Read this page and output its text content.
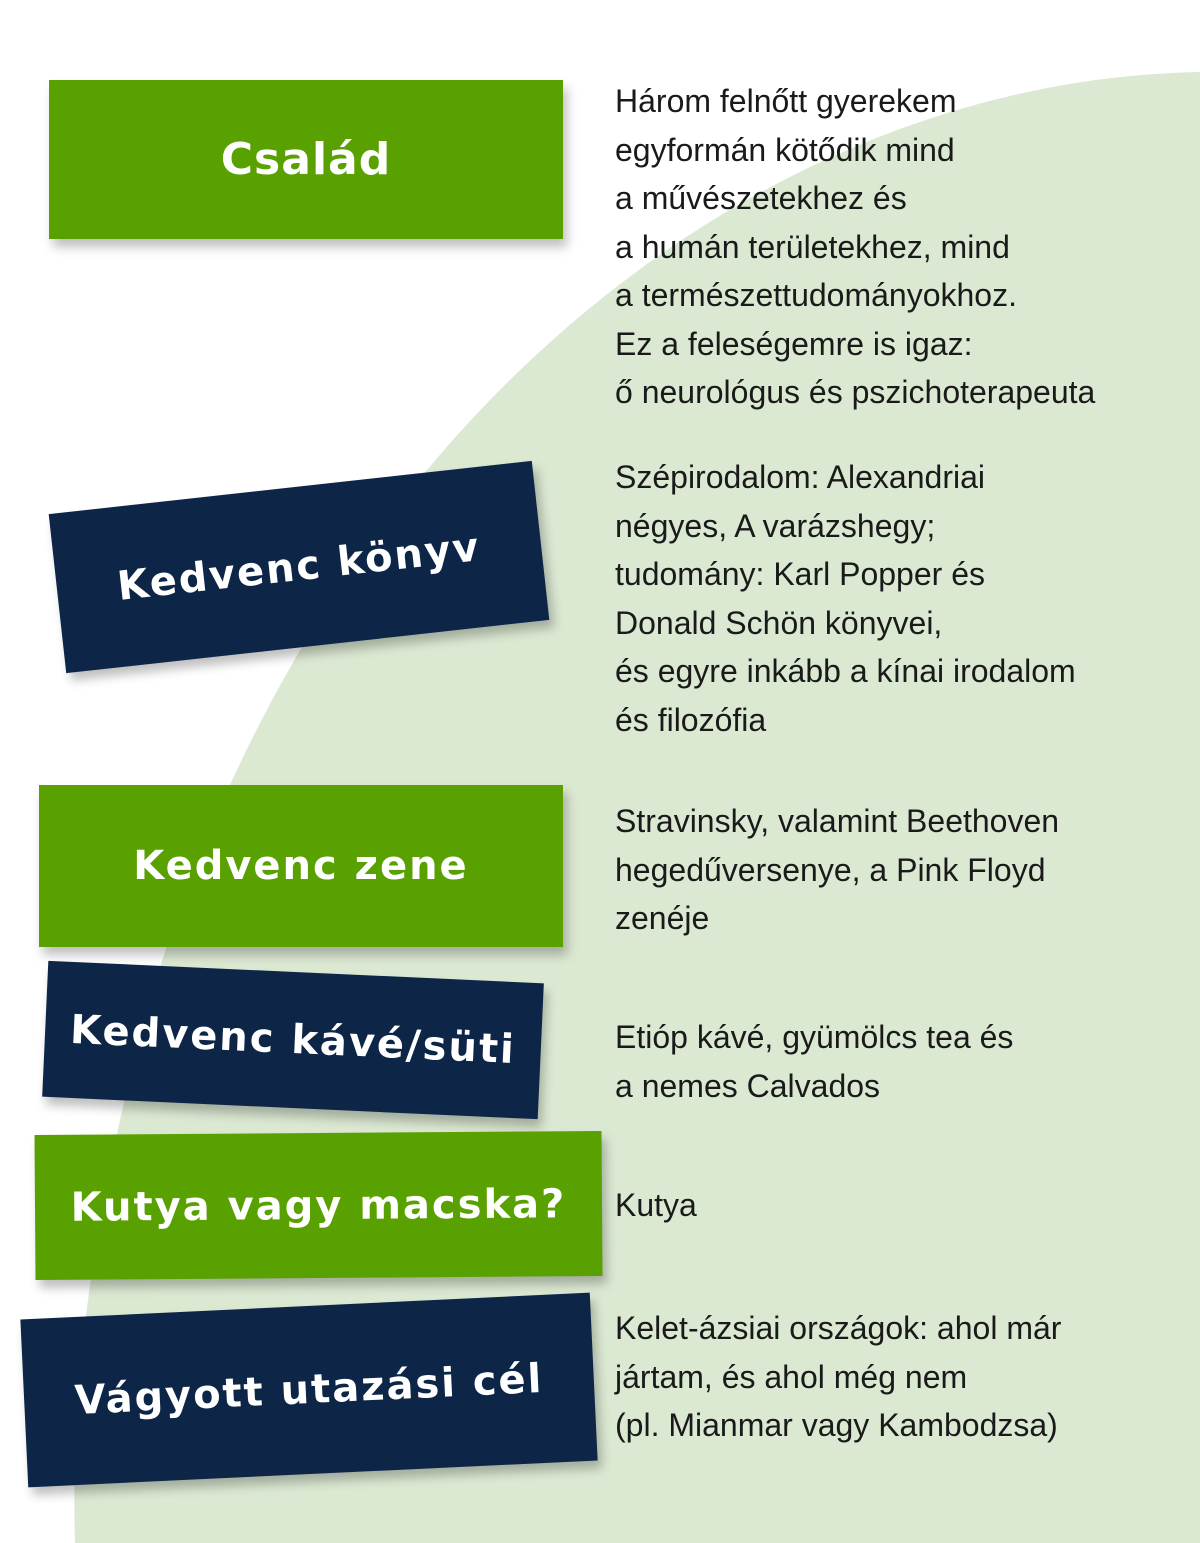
Család
Három felnőtt gyerekem
egyformán kötődik mind
a művészetekhez és
a humán területekhez, mind
a természettudományokhoz.
Ez a feleségemre is igaz:
ő neurológus és pszichoterapeuta
Kedvenc könyv
Szépirodalom: Alexandriai
négyes, A varázshegy;
tudomány: Karl Popper és
Donald Schön könyvei,
és egyre inkább a kínai irodalom
és filozófia
Kedvenc zene
Stravinsky, valamint Beethoven
hegedűversenye, a Pink Floyd
zenéje
Kedvenc kávé/süti	Etióp kávé, gyümölcs tea és
a nemes Calvados
Kutya vagy macska? Kutya
Vágyott utazási cél
Kelet-ázsiai országok: ahol már
jártam, és ahol még nem
(pl. Mianmar vagy Kambodzsa)
